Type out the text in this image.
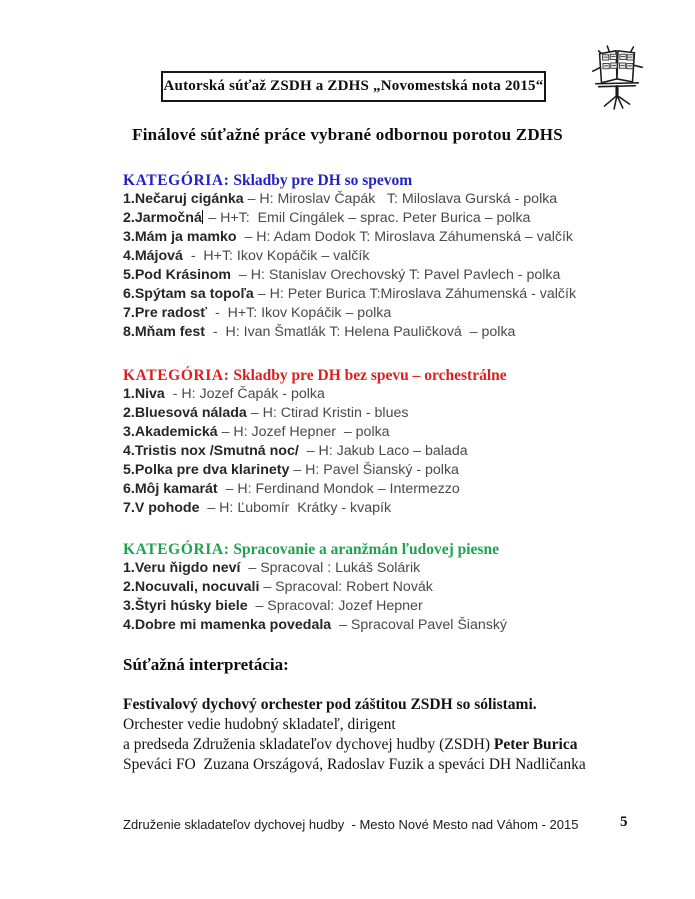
Autorská súťaž ZSDH a ZDHS „Novomestská nota 2015“
Finálové súťažné práce vybrané odbornou porotou ZDHS
KATEGÓRIA: Skladby pre DH so spevom
1.Nečaruj cigánka – H: Miroslav Čapák   T: Miloslava Gurská - polka
2.Jarmočná – H+T:  Emil Cingálek – sprac. Peter Burica – polka
3.Mám ja mamko  – H: Adam Dodok T: Miroslava Záhumenská – valčík
4.Májová  -  H+T: Ikov Kopáčik – valčík
5.Pod Krásinom  – H: Stanislav Orechovský T: Pavel Pavlech - polka
6.Spýtam sa topoľa – H: Peter Burica T:Miroslava Záhumenská - valčík
7.Pre radosť  -  H+T: Ikov Kopáčik – polka
8.Mňam fest  -  H: Ivan Šmatlák T: Helena Pauličková  – polka
KATEGÓRIA: Skladby pre DH bez spevu – orchestrálne
1.Niva  - H: Jozef Čapák - polka
2.Bluesová nálada – H: Ctirad Kristin - blues
3.Akademická – H: Jozef Hepner  – polka
4.Tristis nox /Smutná noc/  – H: Jakub Laco – balada
5.Polka pre dva klarinety – H: Pavel Šianský - polka
6.Môj kamarát  – H: Ferdinand Mondok – Intermezzo
7.V pohode  – H: Ľubomír  Krátky - kvapík
KATEGÓRIA: Spracovanie a aranžmán ľudovej piesne
1.Veru ňigdo neví  – Spracoval : Lukáš Solárik
2.Nocuvali, nocuvali – Spracoval: Robert Novák
3.Štyri húsky biele  – Spracoval: Jozef Hepner
4.Dobre mi mamenka povedala  – Spracoval Pavel Šianský
Súťažná interpretácia:
Festivalový dychový orchester pod záštitou ZSDH so sólistami.
Orchester vedie hudobný skladateľ, dirigent
a predseda Združenia skladateľov dychovej hudby (ZSDH) Peter Burica
Speváci FO  Zuzana Országová, Radoslav Fuzik a speváci DH Nadličanka
Združenie skladateľov dychovej hudby  - Mesto Nové Mesto nad Váhom - 2015	5
